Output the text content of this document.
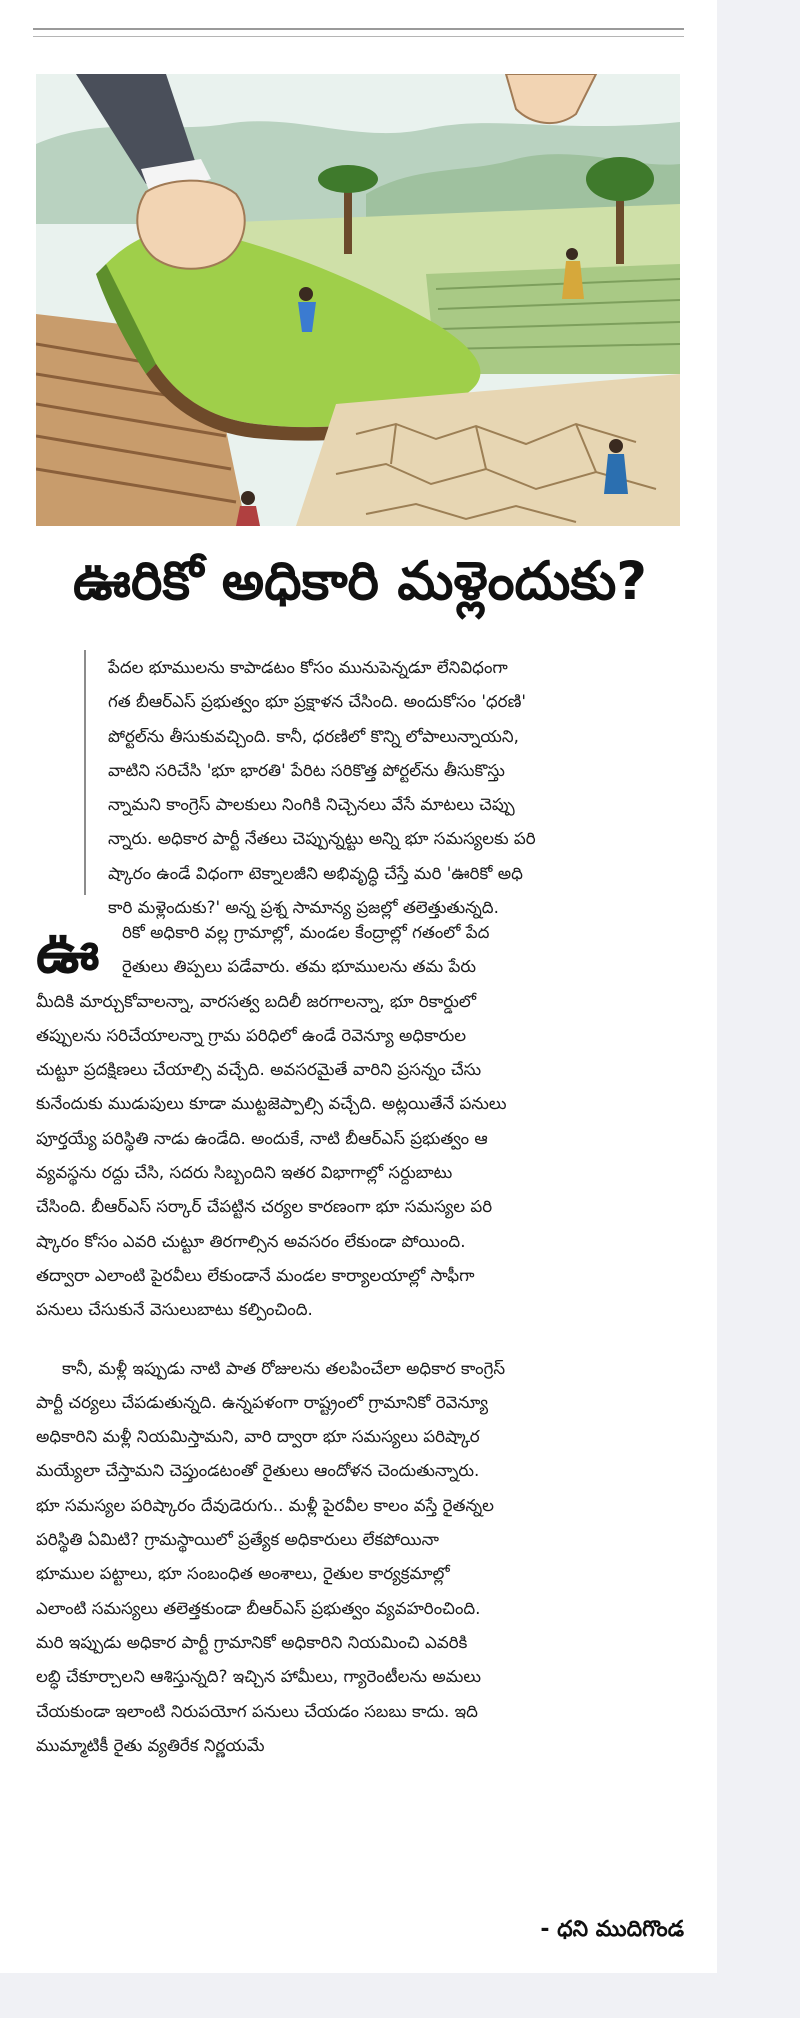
ఊరికో అధికారి మళ్లెందుకు?

పేదల భూములను కాపాడటం కోసం మునుపెన్నడూ లేనివిధంగా

గత బీఆర్‌ఎస్‌ ప్రభుత్వం భూ ప్రక్షాళన చేసింది. అందుకోసం 'ధరణి'

పోర్టల్‌ను తీసుకువచ్చింది. కానీ, ధరణిలో కొన్ని లోపాలున్నాయని,

వాటిని సరిచేసి 'భూ భారతి' పేరిట సరికొత్త పోర్టల్‌ను తీసుకొస్తు

న్నామని కాంగ్రెస్‌ పాలకులు నింగికి నిచ్చెనలు వేసే మాటలు చెప్పు

న్నారు. అధికార పార్టీ నేతలు చెప్పున్నట్టు అన్ని భూ సమస్యలకు పరి

ష్కారం ఉండే విధంగా టెక్నాలజీని అభివృద్ధి చేస్తే మరి 'ఊరికో అధి

కారి మళ్లెందుకు?' అన్న ప్రశ్న సామాన్య ప్రజల్లో తలెత్తుతున్నది.

ఊ	రికో అధికారి వల్ల గ్రామాల్లో, మండల కేంద్రాల్లో గతంలో పేద
రైతులు తిప్పలు పడేవారు. తమ భూములను తమ పేరు
మీదికి మార్చుకోవాలన్నా, వారసత్వ బదిలీ జరగాలన్నా, భూ రికార్డులో
తప్పులను సరిచేయాలన్నా గ్రామ పరిధిలో ఉండే రెవెన్యూ అధికారుల
చుట్టూ ప్రదక్షిణలు చేయాల్సి వచ్చేది. అవసరమైతే వారిని ప్రసన్నం చేసు
కునేందుకు ముడుపులు కూడా ముట్టజెప్పాల్సి వచ్చేది. అట్లయితేనే పనులు
పూర్తయ్యే పరిస్థితి నాడు ఉండేది. అందుకే, నాటి బీఆర్‌ఎస్‌ ప్రభుత్వం ఆ
వ్యవస్థను రద్దు చేసి, సదరు సిబ్బందిని ఇతర విభాగాల్లో సర్దుబాటు
చేసింది. బీఆర్‌ఎస్‌ సర్కార్‌ చేపట్టిన చర్యల కారణంగా భూ సమస్యల పరి
ష్కారం కోసం ఎవరి చుట్టూ తిరగాల్సిన అవసరం లేకుండా పోయింది.
తద్వారా ఎలాంటి పైరవీలు లేకుండానే మండల కార్యాలయాల్లో సాఫీగా
పనులు చేసుకునే వెసులుబాటు కల్పించింది.
కానీ, మళ్లీ ఇప్పుడు నాటి పాత రోజులను తలపించేలా అధికార కాంగ్రెస్‌
పార్టీ చర్యలు చేపడుతున్నది. ఉన్నపళంగా రాష్ట్రంలో గ్రామానికో రెవెన్యూ
అధికారిని మళ్లీ నియమిస్తామని, వారి ద్వారా భూ సమస్యలు పరిష్కార
మయ్యేలా చేస్తామని చెప్తుండటంతో రైతులు ఆందోళన చెందుతున్నారు.
భూ సమస్యల పరిష్కారం దేవుడెరుగు.. మళ్లీ పైరవీల కాలం వస్తే రైతన్నల
పరిస్థితి ఏమిటి? గ్రామస్థాయిలో ప్రత్యేక అధికారులు లేకపోయినా
భూముల పట్టాలు, భూ సంబంధిత అంశాలు, రైతుల కార్యక్రమాల్లో
ఎలాంటి సమస్యలు తలెత్తకుండా బీఆర్‌ఎస్‌ ప్రభుత్వం వ్యవహరించింది.
మరి ఇప్పుడు అధికార పార్టీ గ్రామానికో అధికారిని నియమించి ఎవరికి
లబ్ధి చేకూర్చాలని ఆశిస్తున్నది? ఇచ్చిన హామీలు, గ్యారెంటీలను అమలు
చేయకుండా ఇలాంటి నిరుపయోగ పనులు చేయడం సబబు కాదు. ఇది
ముమ్మాటికీ రైతు వ్యతిరేక నిర్ణయమే
- ధని ముదిగొండ
